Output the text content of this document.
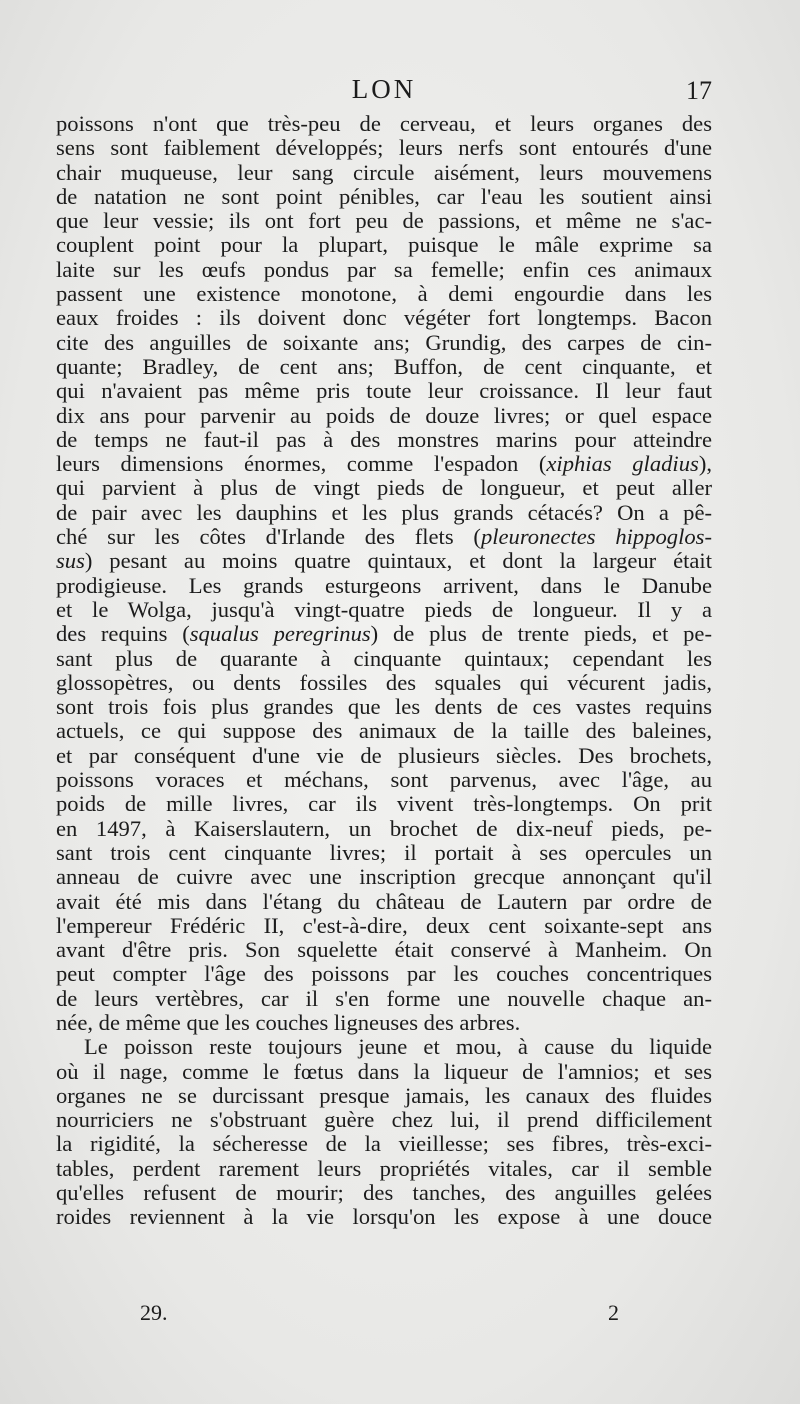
LON	17
poissons n'ont que très-peu de cerveau, et leurs organes des
sens sont faiblement développés; leurs nerfs sont entourés d'une
chair muqueuse, leur sang circule aisément, leurs mouvemens
de natation ne sont point pénibles, car l'eau les soutient ainsi
que leur vessie; ils ont fort peu de passions, et même ne s'ac-
couplent point pour la plupart, puisque le mâle exprime sa
laite sur les œufs pondus par sa femelle; enfin ces animaux
passent une existence monotone, à demi engourdie dans les
eaux froides : ils doivent donc végéter fort longtemps. Bacon
cite des anguilles de soixante ans; Grundig, des carpes de cin-
quante; Bradley, de cent ans; Buffon, de cent cinquante, et
qui n'avaient pas même pris toute leur croissance. Il leur faut
dix ans pour parvenir au poids de douze livres; or quel espace
de temps ne faut-il pas à des monstres marins pour atteindre
leurs dimensions énormes, comme l'espadon (xiphias gladius),
qui parvient à plus de vingt pieds de longueur, et peut aller
de pair avec les dauphins et les plus grands cétacés? On a pê-
ché sur les côtes d'Irlande des flets (pleuronectes hippoglos-
sus) pesant au moins quatre quintaux, et dont la largeur était
prodigieuse. Les grands esturgeons arrivent, dans le Danube
et le Wolga, jusqu'à vingt-quatre pieds de longueur. Il y a
des requins (squalus peregrinus) de plus de trente pieds, et pe-
sant plus de quarante à cinquante quintaux; cependant les
glossopètres, ou dents fossiles des squales qui vécurent jadis,
sont trois fois plus grandes que les dents de ces vastes requins
actuels, ce qui suppose des animaux de la taille des baleines,
et par conséquent d'une vie de plusieurs siècles. Des brochets,
poissons voraces et méchans, sont parvenus, avec l'âge, au
poids de mille livres, car ils vivent très-longtemps. On prit
en 1497, à Kaiserslautern, un brochet de dix-neuf pieds, pe-
sant trois cent cinquante livres; il portait à ses opercules un
anneau de cuivre avec une inscription grecque annonçant qu'il
avait été mis dans l'étang du château de Lautern par ordre de
l'empereur Frédéric II, c'est-à-dire, deux cent soixante-sept ans
avant d'être pris. Son squelette était conservé à Manheim. On
peut compter l'âge des poissons par les couches concentriques
de leurs vertèbres, car il s'en forme une nouvelle chaque an-
née, de même que les couches ligneuses des arbres.
Le poisson reste toujours jeune et mou, à cause du liquide
où il nage, comme le fœtus dans la liqueur de l'amnios; et ses
organes ne se durcissant presque jamais, les canaux des fluides
nourriciers ne s'obstruant guère chez lui, il prend difficilement
la rigidité, la sécheresse de la vieillesse; ses fibres, très-exci-
tables, perdent rarement leurs propriétés vitales, car il semble
qu'elles refusent de mourir; des tanches, des anguilles gelées
roides reviennent à la vie lorsqu'on les expose à une douce
29.	2
